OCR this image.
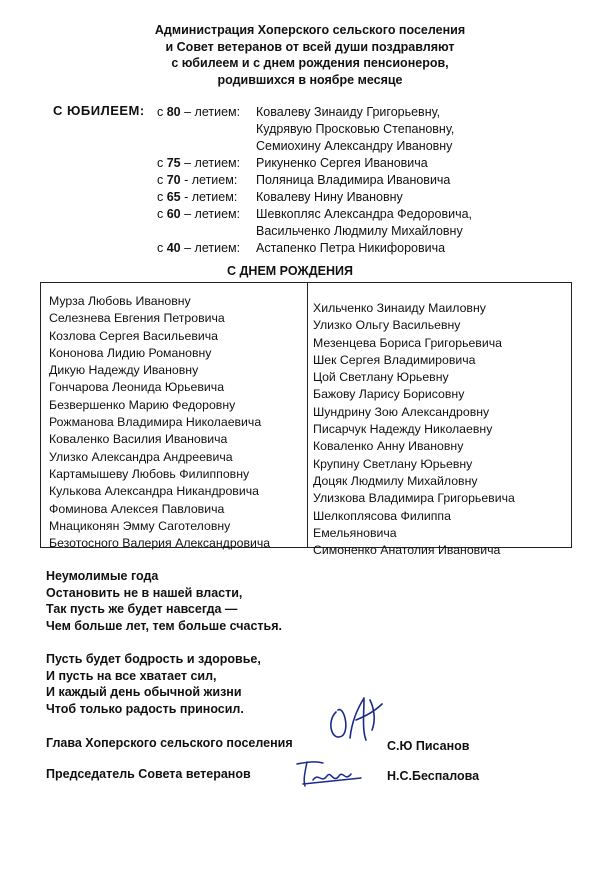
Администрация Хоперского сельского поселения
и Совет ветеранов от всей души поздравляют
с юбилеем и с днем рождения пенсионеров,
родившихся в ноябре месяце
С ЮБИЛЕЕМ: с 80 – летием: Ковалеву Зинаиду Григорьевну,
Кудрявую Просковью Степановну,
Семиохину Александру Ивановну
с 75 – летием: Рикуненко Сергея Ивановича
с 70 - летием: Поляница Владимира Ивановича
с 65 - летием: Ковалеву Нину Ивановну
с 60 – летием: Шевкопляс Александра Федоровича,
Васильченко Людмилу Михайловну
с 40 – летием: Астапенко Петра Никифоровича
С ДНЕМ РОЖДЕНИЯ
Мурза Любовь Ивановну
Селезнева Евгения Петровича
Козлова Сергея Васильевича
Кононова Лидию Романовну
Дикую Надежду Ивановну
Гончарова Леонида Юрьевича
Безвершенко Марию Федоровну
Рожманова Владимира Николаевича
Коваленко Василия Ивановича
Улизко Александра Андреевича
Картамышеву Любовь Филипповну
Кулькова Александра Никандровича
Фоминова Алексея Павловича
Мнациконян Эмму Саготеловну
Безотосного Валерия Александровича
Хильченко Зинаиду Маиловну
Улизко Ольгу Васильевну
Мезенцева Бориса Григорьевича
Шек Сергея Владимировича
Цой Светлану Юрьевну
Бажову Ларису Борисовну
Шундрину Зою Александровну
Писарчук Надежду Николаевну
Коваленко Анну Ивановну
Крупину Светлану Юрьевну
Доцяк Людмилу Михайловну
Улизкова Владимира Григорьевича
Шелкоплясова Филиппа
Емельяновича
Симоненко Анатолия Ивановича
Неумолимые года
Остановить не в нашей власти,
Так пусть же будет навсегда —
Чем больше лет, тем больше счастья.
Пусть будет бодрость и здоровье,
И пусть на все хватает сил,
И каждый день обычной жизни
Чтоб только радость приносил.
Глава Хоперского сельского поселения	С.Ю Писанов
Председатель Совета ветеранов	Н.С.Беспалова
